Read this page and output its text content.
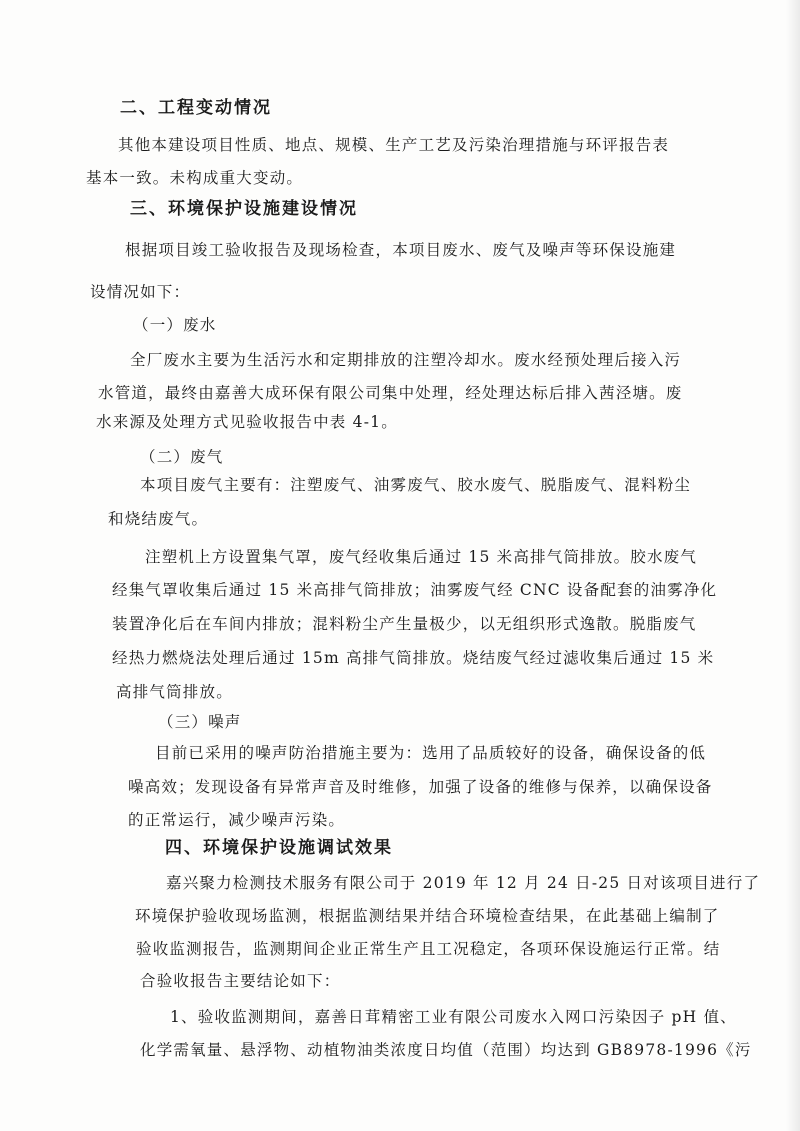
二、工程变动情况
其他本建设项目性质、地点、规模、生产工艺及污染治理措施与环评报告表
基本一致。未构成重大变动。
三、环境保护设施建设情况
根据项目竣工验收报告及现场检查，本项目废水、废气及噪声等环保设施建
设情况如下：
（一）废水
全厂废水主要为生活污水和定期排放的注塑冷却水。废水经预处理后接入污
水管道，最终由嘉善大成环保有限公司集中处理，经处理达标后排入茜泾塘。废
水来源及处理方式见验收报告中表 4-1。
（二）废气
本项目废气主要有：注塑废气、油雾废气、胶水废气、脱脂废气、混料粉尘
和烧结废气。
注塑机上方设置集气罩，废气经收集后通过 15 米高排气筒排放。胶水废气
经集气罩收集后通过 15 米高排气筒排放；油雾废气经 CNC 设备配套的油雾净化
装置净化后在车间内排放；混料粉尘产生量极少，以无组织形式逸散。脱脂废气
经热力燃烧法处理后通过 15m 高排气筒排放。烧结废气经过滤收集后通过 15 米
高排气筒排放。
（三）噪声
目前已采用的噪声防治措施主要为：选用了品质较好的设备，确保设备的低
噪高效；发现设备有异常声音及时维修，加强了设备的维修与保养，以确保设备
的正常运行，减少噪声污染。
四、环境保护设施调试效果
嘉兴聚力检测技术服务有限公司于 2019 年 12 月 24 日-25 日对该项目进行了
环境保护验收现场监测，根据监测结果并结合环境检查结果，在此基础上编制了
验收监测报告，监测期间企业正常生产且工况稳定，各项环保设施运行正常。结
合验收报告主要结论如下：
1、验收监测期间，嘉善日茸精密工业有限公司废水入网口污染因子 pH 值、
化学需氧量、悬浮物、动植物油类浓度日均值（范围）均达到 GB8978-1996《污
